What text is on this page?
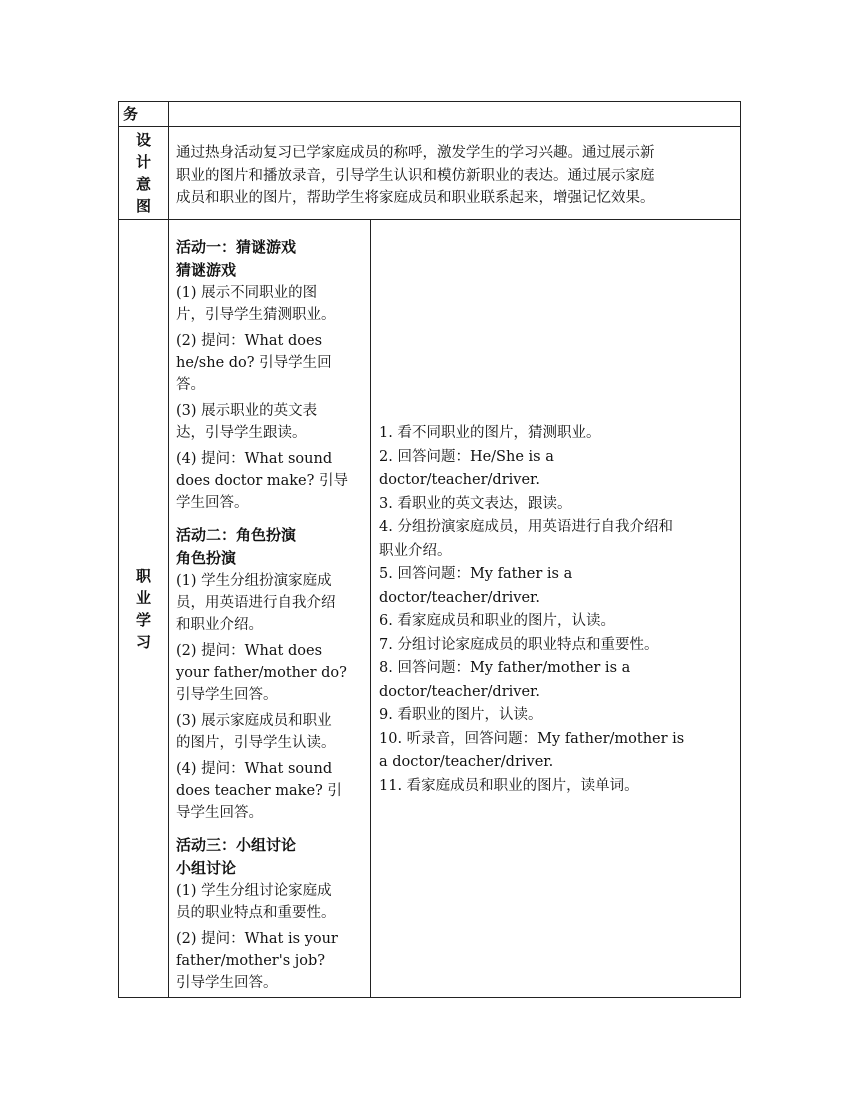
务
设
计
意
图

通过热身活动复习已学家庭成员的称呼，激发学生的学习兴趣。通过展示新

职业的图片和播放录音，引导学生认识和模仿新职业的表达。通过展示家庭

成员和职业的图片，帮助学生将家庭成员和职业联系起来，增强记忆效果。

职
业
学
习

活动一：猜谜游戏

猜谜游戏

(1) 展示不同职业的图

片，引导学生猜测职业。

(2) 提问：What does

he/she do? 引导学生回

答。

(3) 展示职业的英文表

达，引导学生跟读。

(4) 提问：What sound

does doctor make? 引导

学生回答。

活动二：角色扮演

角色扮演

(1) 学生分组扮演家庭成

员，用英语进行自我介绍

和职业介绍。

(2) 提问：What does

your father/mother do?

引导学生回答。

(3) 展示家庭成员和职业

的图片，引导学生认读。

(4) 提问：What sound

does teacher make? 引

导学生回答。

活动三：小组讨论

小组讨论

(1) 学生分组讨论家庭成

员的职业特点和重要性。

(2) 提问：What is your

father/mother's job?

引导学生回答。

1. 看不同职业的图片，猜测职业。

2. 回答问题：He/She is a

doctor/teacher/driver.

3. 看职业的英文表达，跟读。

4. 分组扮演家庭成员，用英语进行自我介绍和

职业介绍。

5. 回答问题：My father is a

doctor/teacher/driver.

6. 看家庭成员和职业的图片，认读。

7. 分组讨论家庭成员的职业特点和重要性。

8. 回答问题：My father/mother is a

doctor/teacher/driver.

9. 看职业的图片，认读。

10. 听录音，回答问题：My father/mother is

a doctor/teacher/driver.

11. 看家庭成员和职业的图片，读单词。
